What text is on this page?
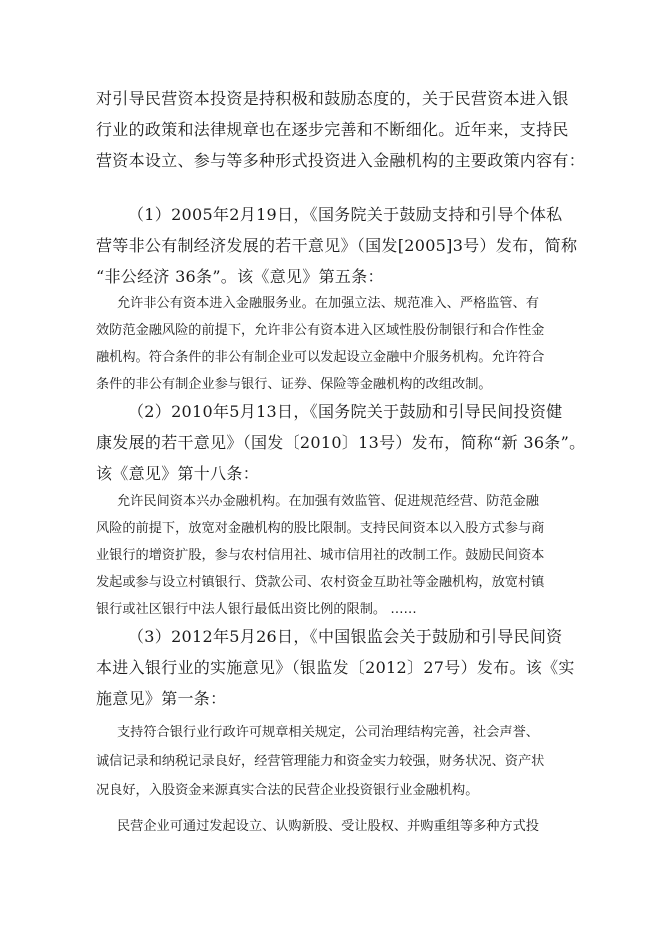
对引导民营资本投资是持积极和鼓励态度的，关于民营资本进入银
行业的政策和法律规章也在逐步完善和不断细化。近年来，支持民
营资本设立、参与等多种形式投资进入金融机构的主要政策内容有：
（1）2005年2月19日，《国务院关于鼓励支持和引导个体私
营等非公有制经济发展的若干意见》（国发[2005]3号）发布，简称
“非公经济 36条”。该《意见》第五条：
允许非公有资本进入金融服务业。在加强立法、规范准入、严格监管、有
效防范金融风险的前提下，允许非公有资本进入区域性股份制银行和合作性金
融机构。符合条件的非公有制企业可以发起设立金融中介服务机构。允许符合
条件的非公有制企业参与银行、证券、保险等金融机构的改组改制。
（2）2010年5月13日，《国务院关于鼓励和引导民间投资健
康发展的若干意见》（国发〔2010〕13号）发布，简称“新 36条”。
该《意见》第十八条：
允许民间资本兴办金融机构。在加强有效监管、促进规范经营、防范金融
风险的前提下，放宽对金融机构的股比限制。支持民间资本以入股方式参与商
业银行的增资扩股，参与农村信用社、城市信用社的改制工作。鼓励民间资本
发起或参与设立村镇银行、贷款公司、农村资金互助社等金融机构，放宽村镇
银行或社区银行中法人银行最低出资比例的限制。 ……
（3）2012年5月26日，《中国银监会关于鼓励和引导民间资
本进入银行业的实施意见》（银监发〔2012〕27号）发布。该《实
施意见》第一条：
支持符合银行业行政许可规章相关规定，公司治理结构完善，社会声誉、
诚信记录和纳税记录良好，经营管理能力和资金实力较强，财务状况、资产状
况良好，入股资金来源真实合法的民营企业投资银行业金融机构。
民营企业可通过发起设立、认购新股、受让股权、并购重组等多种方式投
